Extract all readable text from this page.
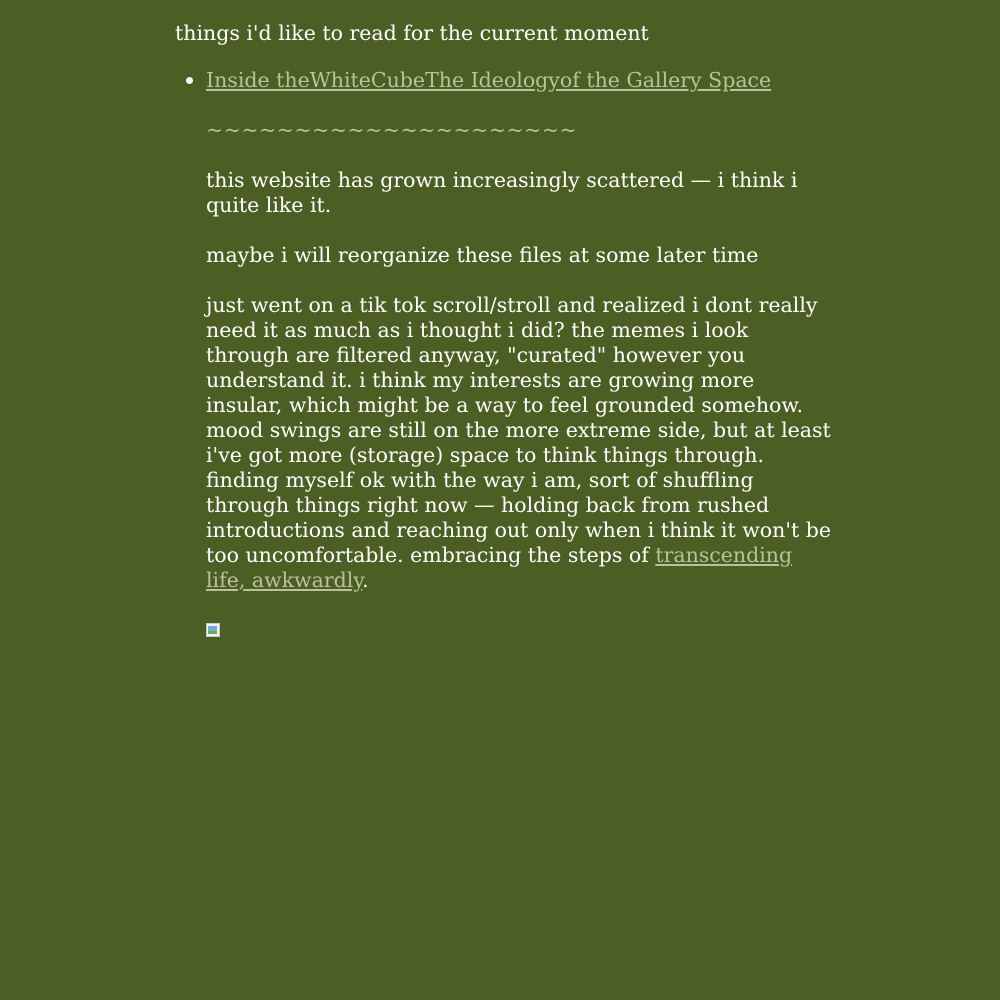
things i'd like to read for the current moment

Inside theWhiteCubeThe Ideologyof the Gallery Space
~~~~~~~~~~~~~~~~~~~~~

this website has grown increasingly scattered — i think i quite like it.

maybe i will reorganize these files at some later time

just went on a tik tok scroll/stroll and realized i dont really need it as much as i thought i did? the memes i look through are filtered anyway, "curated" however you understand it. i think my interests are growing more insular, which might be a way to feel grounded somehow. mood swings are still on the more extreme side, but at least i've got more (storage) space to think things through. finding myself ok with the way i am, sort of shuffling through things right now — holding back from rushed introductions and reaching out only when i think it won't be too uncomfortable. embracing the steps of transcending life, awkwardly.
